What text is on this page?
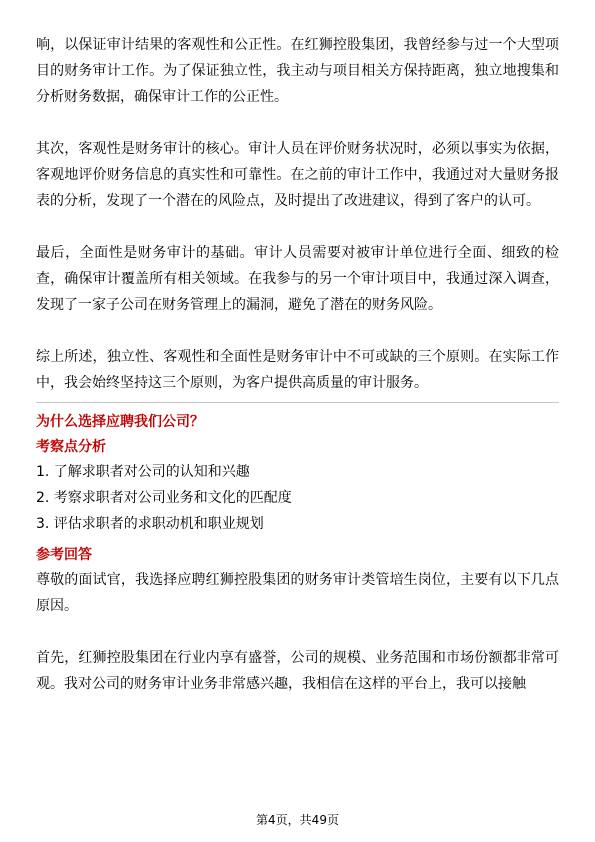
响，以保证审计结果的客观性和公正性。在红狮控股集团，我曾经参与过一个大型项目的财务审计工作。为了保证独立性，我主动与项目相关方保持距离，独立地搜集和分析财务数据，确保审计工作的公正性。

其次，客观性是财务审计的核心。审计人员在评价财务状况时，必须以事实为依据，客观地评价财务信息的真实性和可靠性。在之前的审计工作中，我通过对大量财务报表的分析，发现了一个潜在的风险点，及时提出了改进建议，得到了客户的认可。

最后，全面性是财务审计的基础。审计人员需要对被审计单位进行全面、细致的检查，确保审计覆盖所有相关领域。在我参与的另一个审计项目中，我通过深入调查，发现了一家子公司在财务管理上的漏洞，避免了潜在的财务风险。

综上所述，独立性、客观性和全面性是财务审计中不可或缺的三个原则。在实际工作中，我会始终坚持这三个原则，为客户提供高质量的审计服务。

为什么选择应聘我们公司？

考察点分析

1. 了解求职者对公司的认知和兴趣
2. 考察求职者对公司业务和文化的匹配度
3. 评估求职者的求职动机和职业规划

参考回答

尊敬的面试官，我选择应聘红狮控股集团的财务审计类管培生岗位，主要有以下几点原因。

首先，红狮控股集团在行业内享有盛誉，公司的规模、业务范围和市场份额都非常可观。我对公司的财务审计业务非常感兴趣，我相信在这样的平台上，我可以接触

第4页，共49页
